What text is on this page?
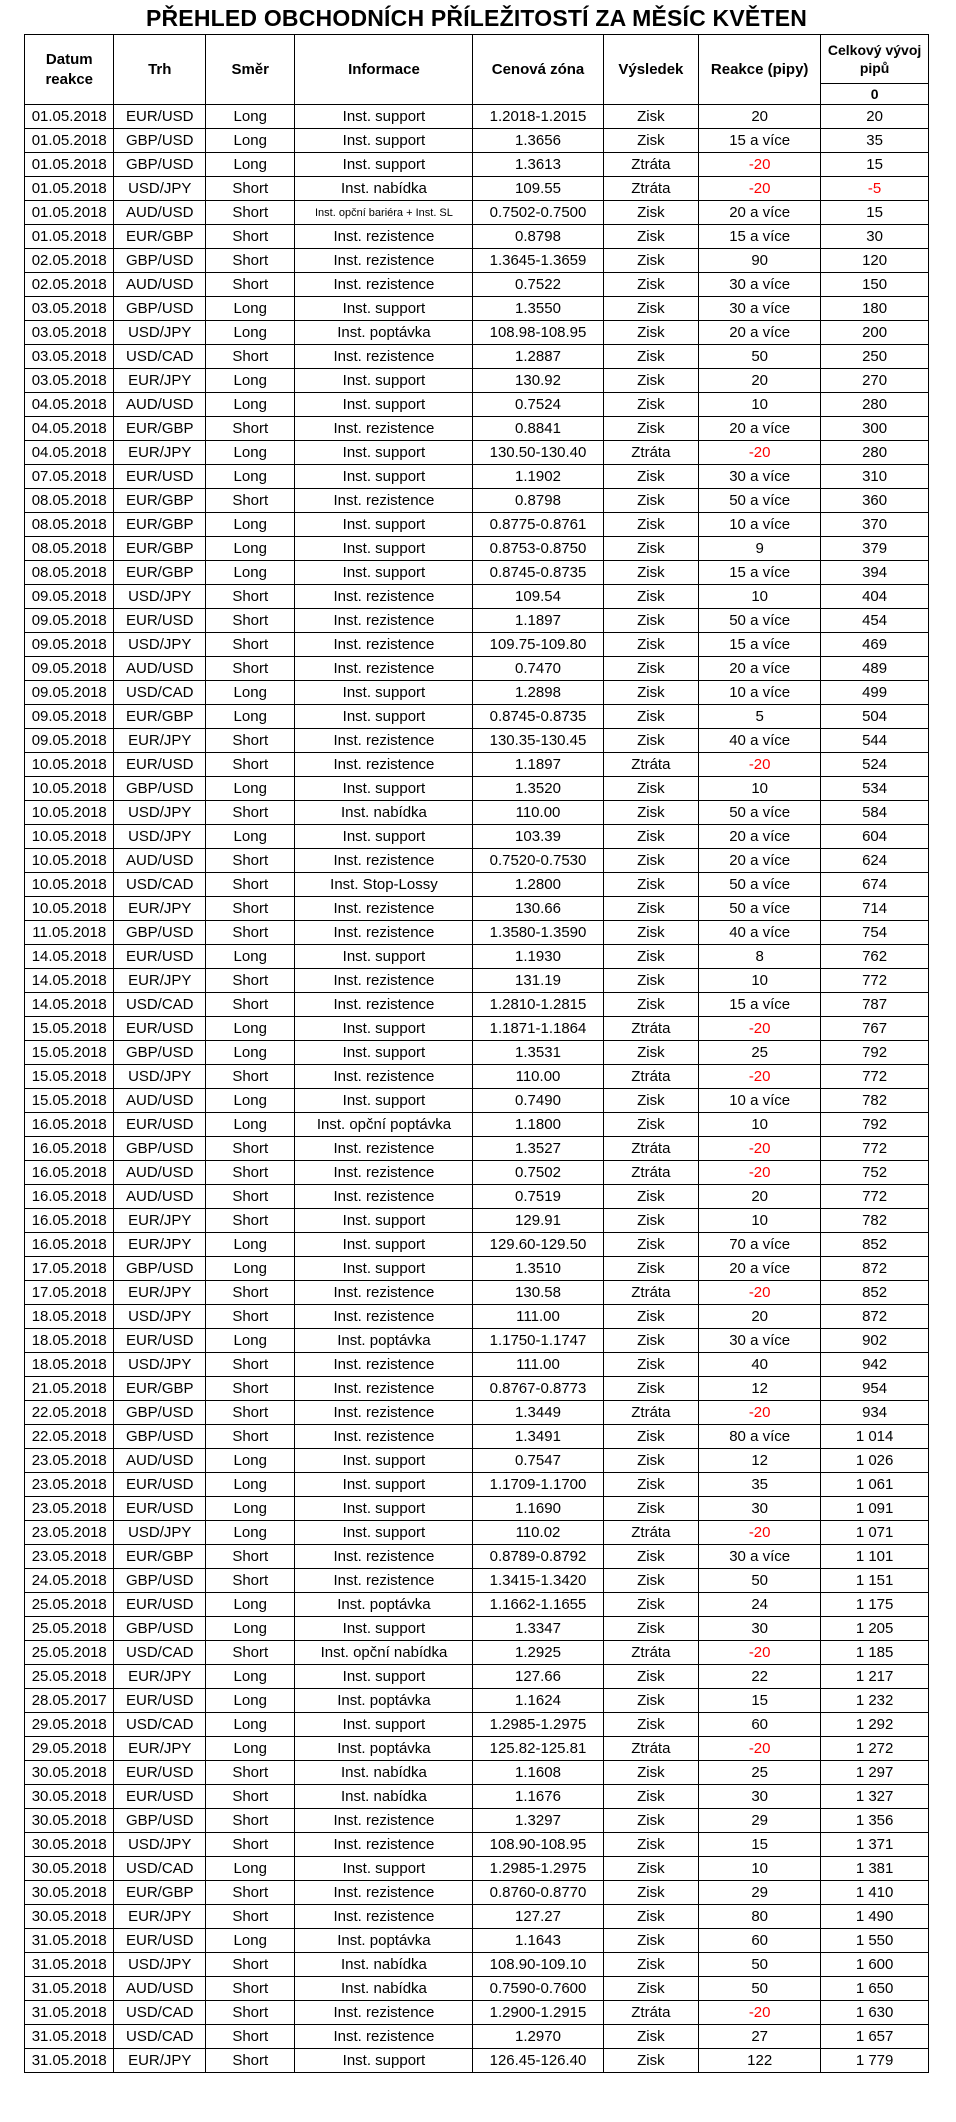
PŘEHLED OBCHODNÍCH PŘÍLEŽITOSTÍ ZA MĚSÍC KVĚTEN
Datum reakce	Trh	Směr	Informace	Cenová zóna	Výsledek	Reakce (pipy)	Celkový vývoj pipů
							0
01.05.2018	EUR/USD	Long	Inst. support	1.2018-1.2015	Zisk	20	20
01.05.2018	GBP/USD	Long	Inst. support	1.3656	Zisk	15 a více	35
01.05.2018	GBP/USD	Long	Inst. support	1.3613	Ztráta	-20	15
01.05.2018	USD/JPY	Short	Inst. nabídka	109.55	Ztráta	-20	-5
01.05.2018	AUD/USD	Short	Inst. opční bariéra + Inst. SL	0.7502-0.7500	Zisk	20 a více	15
01.05.2018	EUR/GBP	Short	Inst. rezistence	0.8798	Zisk	15 a více	30
02.05.2018	GBP/USD	Short	Inst. rezistence	1.3645-1.3659	Zisk	90	120
02.05.2018	AUD/USD	Short	Inst. rezistence	0.7522	Zisk	30 a více	150
03.05.2018	GBP/USD	Long	Inst. support	1.3550	Zisk	30 a více	180
03.05.2018	USD/JPY	Long	Inst. poptávka	108.98-108.95	Zisk	20 a více	200
03.05.2018	USD/CAD	Short	Inst. rezistence	1.2887	Zisk	50	250
03.05.2018	EUR/JPY	Long	Inst. support	130.92	Zisk	20	270
04.05.2018	AUD/USD	Long	Inst. support	0.7524	Zisk	10	280
04.05.2018	EUR/GBP	Short	Inst. rezistence	0.8841	Zisk	20 a více	300
04.05.2018	EUR/JPY	Long	Inst. support	130.50-130.40	Ztráta	-20	280
07.05.2018	EUR/USD	Long	Inst. support	1.1902	Zisk	30 a více	310
08.05.2018	EUR/GBP	Short	Inst. rezistence	0.8798	Zisk	50 a více	360
08.05.2018	EUR/GBP	Long	Inst. support	0.8775-0.8761	Zisk	10 a více	370
08.05.2018	EUR/GBP	Long	Inst. support	0.8753-0.8750	Zisk	9	379
08.05.2018	EUR/GBP	Long	Inst. support	0.8745-0.8735	Zisk	15 a více	394
09.05.2018	USD/JPY	Short	Inst. rezistence	109.54	Zisk	10	404
09.05.2018	EUR/USD	Short	Inst. rezistence	1.1897	Zisk	50 a více	454
09.05.2018	USD/JPY	Short	Inst. rezistence	109.75-109.80	Zisk	15 a více	469
09.05.2018	AUD/USD	Short	Inst. rezistence	0.7470	Zisk	20 a více	489
09.05.2018	USD/CAD	Long	Inst. support	1.2898	Zisk	10 a více	499
09.05.2018	EUR/GBP	Long	Inst. support	0.8745-0.8735	Zisk	5	504
09.05.2018	EUR/JPY	Short	Inst. rezistence	130.35-130.45	Zisk	40 a více	544
10.05.2018	EUR/USD	Short	Inst. rezistence	1.1897	Ztráta	-20	524
10.05.2018	GBP/USD	Long	Inst. support	1.3520	Zisk	10	534
10.05.2018	USD/JPY	Short	Inst. nabídka	110.00	Zisk	50 a více	584
10.05.2018	USD/JPY	Long	Inst. support	103.39	Zisk	20 a více	604
10.05.2018	AUD/USD	Short	Inst. rezistence	0.7520-0.7530	Zisk	20 a více	624
10.05.2018	USD/CAD	Short	Inst. Stop-Lossy	1.2800	Zisk	50 a více	674
10.05.2018	EUR/JPY	Short	Inst. rezistence	130.66	Zisk	50 a více	714
11.05.2018	GBP/USD	Short	Inst. rezistence	1.3580-1.3590	Zisk	40 a více	754
14.05.2018	EUR/USD	Long	Inst. support	1.1930	Zisk	8	762
14.05.2018	EUR/JPY	Short	Inst. rezistence	131.19	Zisk	10	772
14.05.2018	USD/CAD	Short	Inst. rezistence	1.2810-1.2815	Zisk	15 a více	787
15.05.2018	EUR/USD	Long	Inst. support	1.1871-1.1864	Ztráta	-20	767
15.05.2018	GBP/USD	Long	Inst. support	1.3531	Zisk	25	792
15.05.2018	USD/JPY	Short	Inst. rezistence	110.00	Ztráta	-20	772
15.05.2018	AUD/USD	Long	Inst. support	0.7490	Zisk	10 a více	782
16.05.2018	EUR/USD	Long	Inst. opční poptávka	1.1800	Zisk	10	792
16.05.2018	GBP/USD	Short	Inst. rezistence	1.3527	Ztráta	-20	772
16.05.2018	AUD/USD	Short	Inst. rezistence	0.7502	Ztráta	-20	752
16.05.2018	AUD/USD	Short	Inst. rezistence	0.7519	Zisk	20	772
16.05.2018	EUR/JPY	Short	Inst. support	129.91	Zisk	10	782
16.05.2018	EUR/JPY	Long	Inst. support	129.60-129.50	Zisk	70 a více	852
17.05.2018	GBP/USD	Long	Inst. support	1.3510	Zisk	20 a více	872
17.05.2018	EUR/JPY	Short	Inst. rezistence	130.58	Ztráta	-20	852
18.05.2018	USD/JPY	Short	Inst. rezistence	111.00	Zisk	20	872
18.05.2018	EUR/USD	Long	Inst. poptávka	1.1750-1.1747	Zisk	30 a více	902
18.05.2018	USD/JPY	Short	Inst. rezistence	111.00	Zisk	40	942
21.05.2018	EUR/GBP	Short	Inst. rezistence	0.8767-0.8773	Zisk	12	954
22.05.2018	GBP/USD	Short	Inst. rezistence	1.3449	Ztráta	-20	934
22.05.2018	GBP/USD	Short	Inst. rezistence	1.3491	Zisk	80 a více	1 014
23.05.2018	AUD/USD	Long	Inst. support	0.7547	Zisk	12	1 026
23.05.2018	EUR/USD	Long	Inst. support	1.1709-1.1700	Zisk	35	1 061
23.05.2018	EUR/USD	Long	Inst. support	1.1690	Zisk	30	1 091
23.05.2018	USD/JPY	Long	Inst. support	110.02	Ztráta	-20	1 071
23.05.2018	EUR/GBP	Short	Inst. rezistence	0.8789-0.8792	Zisk	30 a více	1 101
24.05.2018	GBP/USD	Short	Inst. rezistence	1.3415-1.3420	Zisk	50	1 151
25.05.2018	EUR/USD	Long	Inst. poptávka	1.1662-1.1655	Zisk	24	1 175
25.05.2018	GBP/USD	Long	Inst. support	1.3347	Zisk	30	1 205
25.05.2018	USD/CAD	Short	Inst. opční nabídka	1.2925	Ztráta	-20	1 185
25.05.2018	EUR/JPY	Long	Inst. support	127.66	Zisk	22	1 217
28.05.2017	EUR/USD	Long	Inst. poptávka	1.1624	Zisk	15	1 232
29.05.2018	USD/CAD	Long	Inst. support	1.2985-1.2975	Zisk	60	1 292
29.05.2018	EUR/JPY	Long	Inst. poptávka	125.82-125.81	Ztráta	-20	1 272
30.05.2018	EUR/USD	Short	Inst. nabídka	1.1608	Zisk	25	1 297
30.05.2018	EUR/USD	Short	Inst. nabídka	1.1676	Zisk	30	1 327
30.05.2018	GBP/USD	Short	Inst. rezistence	1.3297	Zisk	29	1 356
30.05.2018	USD/JPY	Short	Inst. rezistence	108.90-108.95	Zisk	15	1 371
30.05.2018	USD/CAD	Long	Inst. support	1.2985-1.2975	Zisk	10	1 381
30.05.2018	EUR/GBP	Short	Inst. rezistence	0.8760-0.8770	Zisk	29	1 410
30.05.2018	EUR/JPY	Short	Inst. rezistence	127.27	Zisk	80	1 490
31.05.2018	EUR/USD	Long	Inst. poptávka	1.1643	Zisk	60	1 550
31.05.2018	USD/JPY	Short	Inst. nabídka	108.90-109.10	Zisk	50	1 600
31.05.2018	AUD/USD	Short	Inst. nabídka	0.7590-0.7600	Zisk	50	1 650
31.05.2018	USD/CAD	Short	Inst. rezistence	1.2900-1.2915	Ztráta	-20	1 630
31.05.2018	USD/CAD	Short	Inst. rezistence	1.2970	Zisk	27	1 657
31.05.2018	EUR/JPY	Short	Inst. support	126.45-126.40	Zisk	122	1 779
